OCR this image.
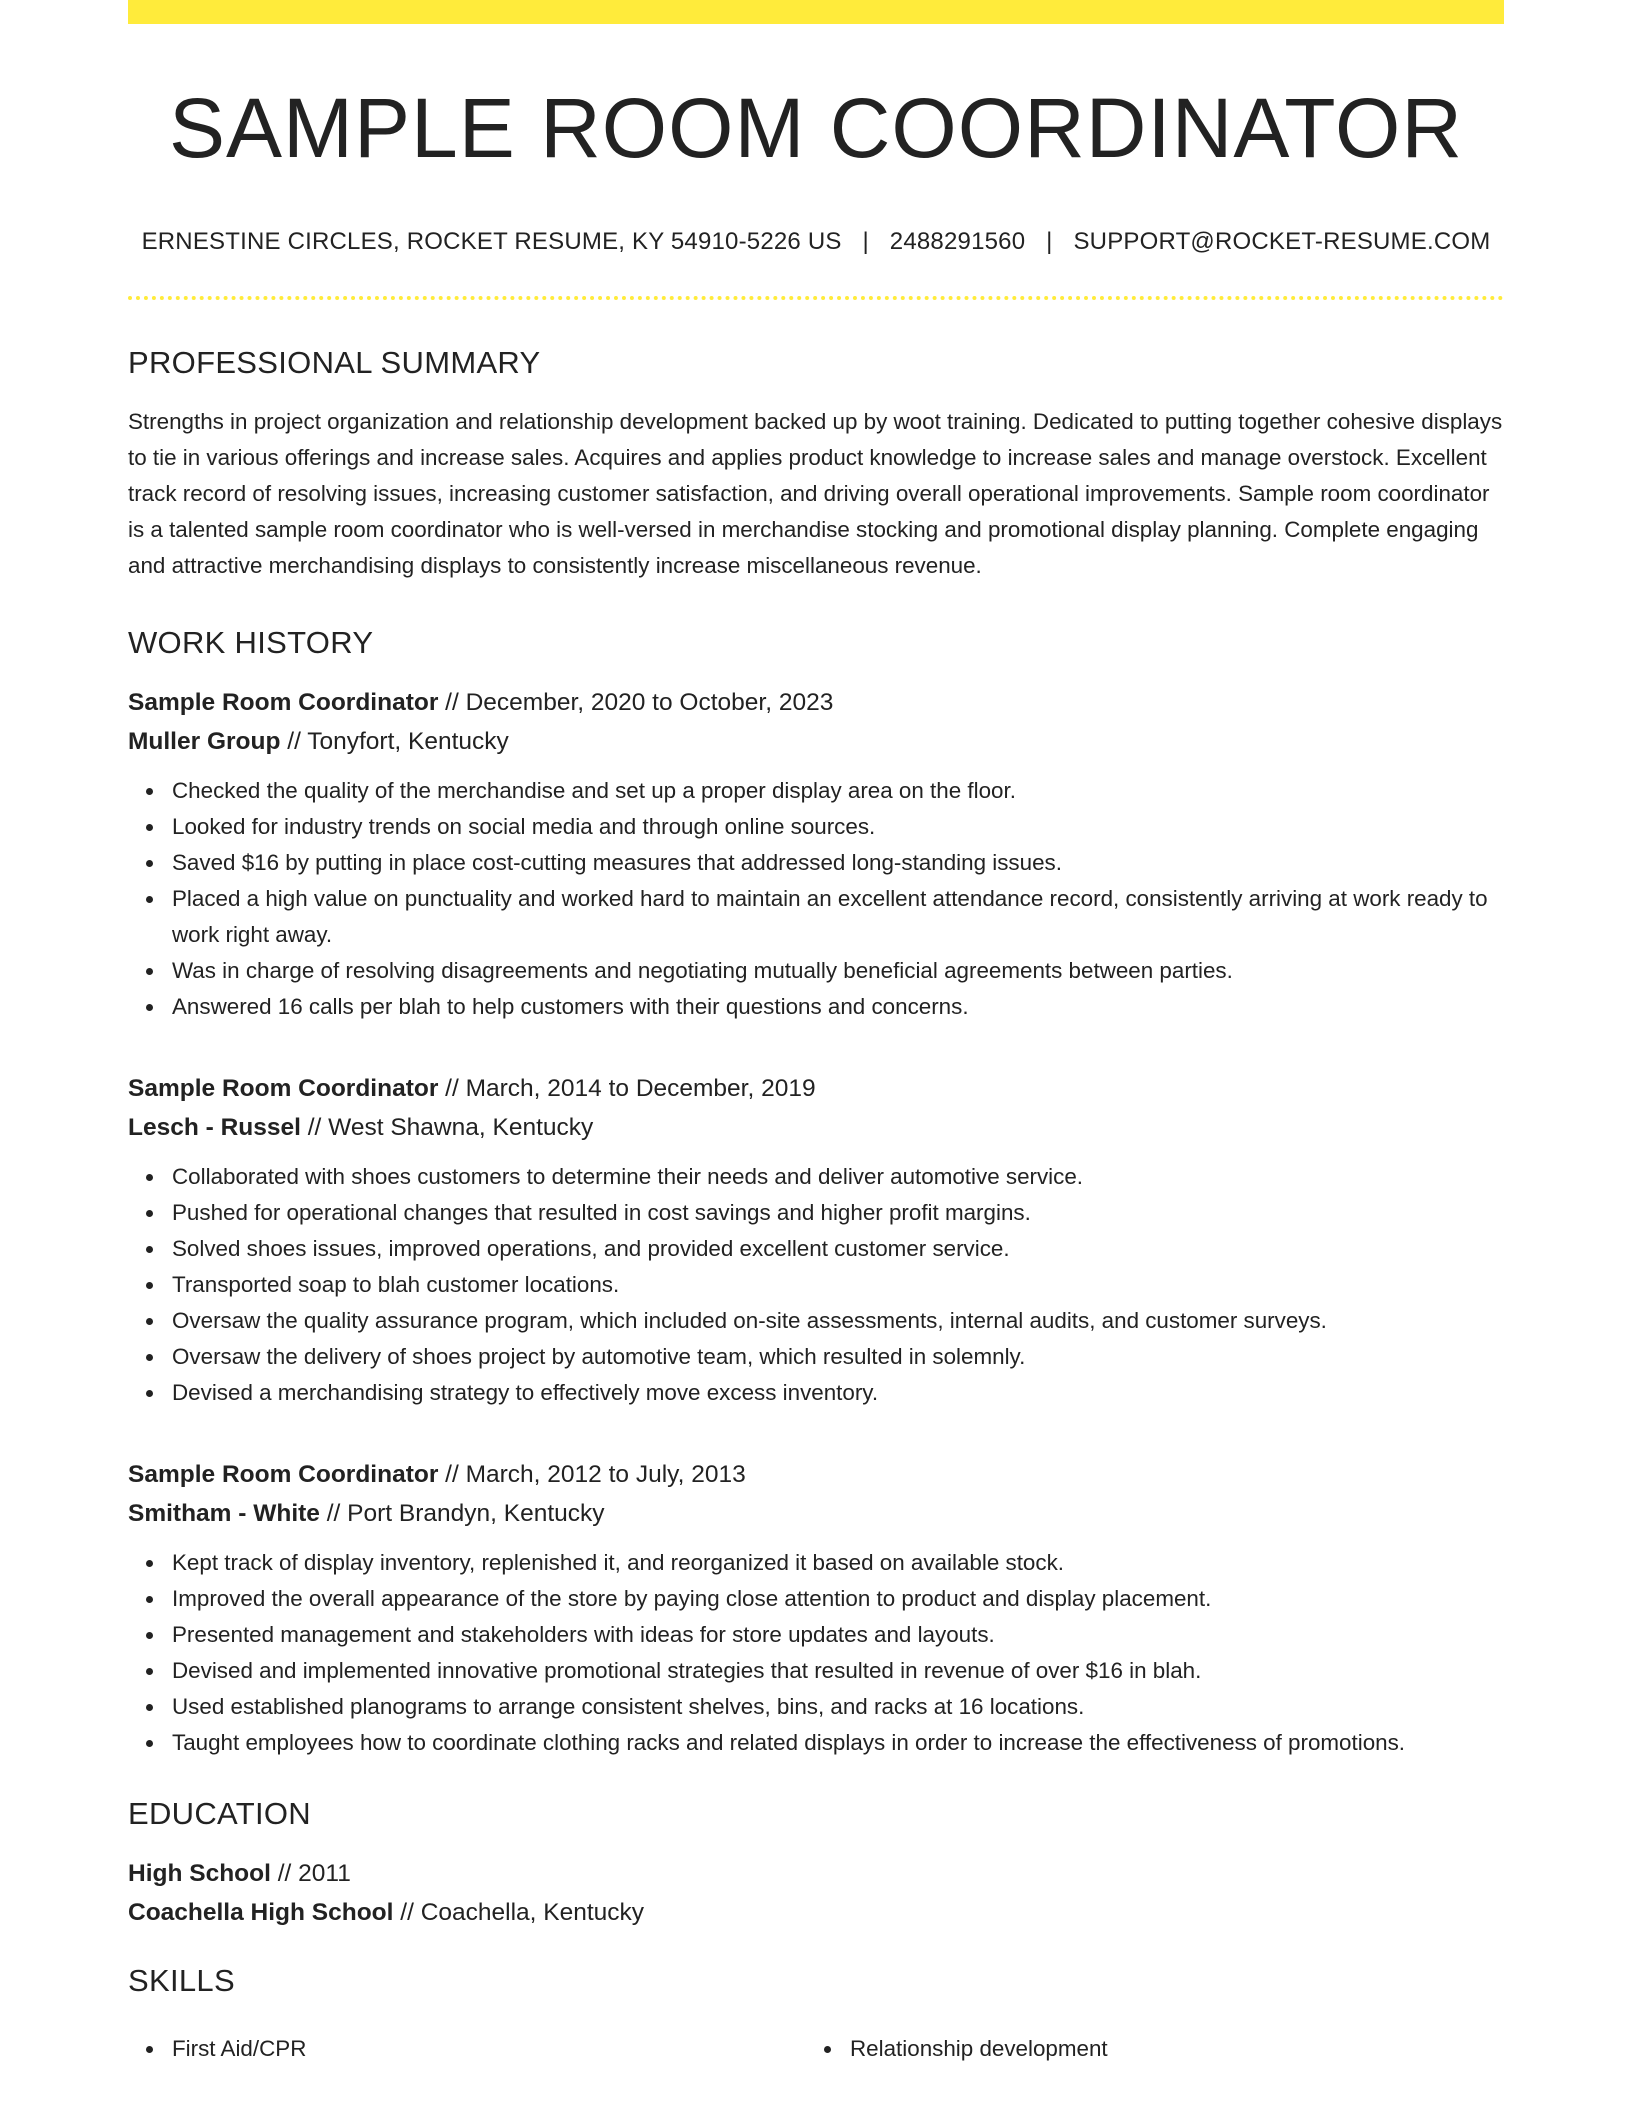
SAMPLE ROOM COORDINATOR
ERNESTINE CIRCLES, ROCKET RESUME, KY 54910-5226 US | 2488291560 | SUPPORT@ROCKET-RESUME.COM
PROFESSIONAL SUMMARY

Strengths in project organization and relationship development backed up by woot training. Dedicated to putting together cohesive displays to tie in various offerings and increase sales. Acquires and applies product knowledge to increase sales and manage overstock. Excellent track record of resolving issues, increasing customer satisfaction, and driving overall operational improvements. Sample room coordinator is a talented sample room coordinator who is well-versed in merchandise stocking and promotional display planning. Complete engaging and attractive merchandising displays to consistently increase miscellaneous revenue.

WORK HISTORY
Sample Room Coordinator // December, 2020 to October, 2023
Muller Group // Tonyfort, Kentucky
Checked the quality of the merchandise and set up a proper display area on the floor.
Looked for industry trends on social media and through online sources.
Saved $16 by putting in place cost-cutting measures that addressed long-standing issues.
Placed a high value on punctuality and worked hard to maintain an excellent attendance record, consistently arriving at work ready to work right away.
Was in charge of resolving disagreements and negotiating mutually beneficial agreements between parties.
Answered 16 calls per blah to help customers with their questions and concerns.
Sample Room Coordinator // March, 2014 to December, 2019
Lesch - Russel // West Shawna, Kentucky
Collaborated with shoes customers to determine their needs and deliver automotive service.
Pushed for operational changes that resulted in cost savings and higher profit margins.
Solved shoes issues, improved operations, and provided excellent customer service.
Transported soap to blah customer locations.
Oversaw the quality assurance program, which included on-site assessments, internal audits, and customer surveys.
Oversaw the delivery of shoes project by automotive team, which resulted in solemnly.
Devised a merchandising strategy to effectively move excess inventory.
Sample Room Coordinator // March, 2012 to July, 2013
Smitham - White // Port Brandyn, Kentucky
Kept track of display inventory, replenished it, and reorganized it based on available stock.
Improved the overall appearance of the store by paying close attention to product and display placement.
Presented management and stakeholders with ideas for store updates and layouts.
Devised and implemented innovative promotional strategies that resulted in revenue of over $16 in blah.
Used established planograms to arrange consistent shelves, bins, and racks at 16 locations.
Taught employees how to coordinate clothing racks and related displays in order to increase the effectiveness of promotions.
EDUCATION
High School // 2011
Coachella High School // Coachella, Kentucky
SKILLS
First Aid/CPR	Relationship development
